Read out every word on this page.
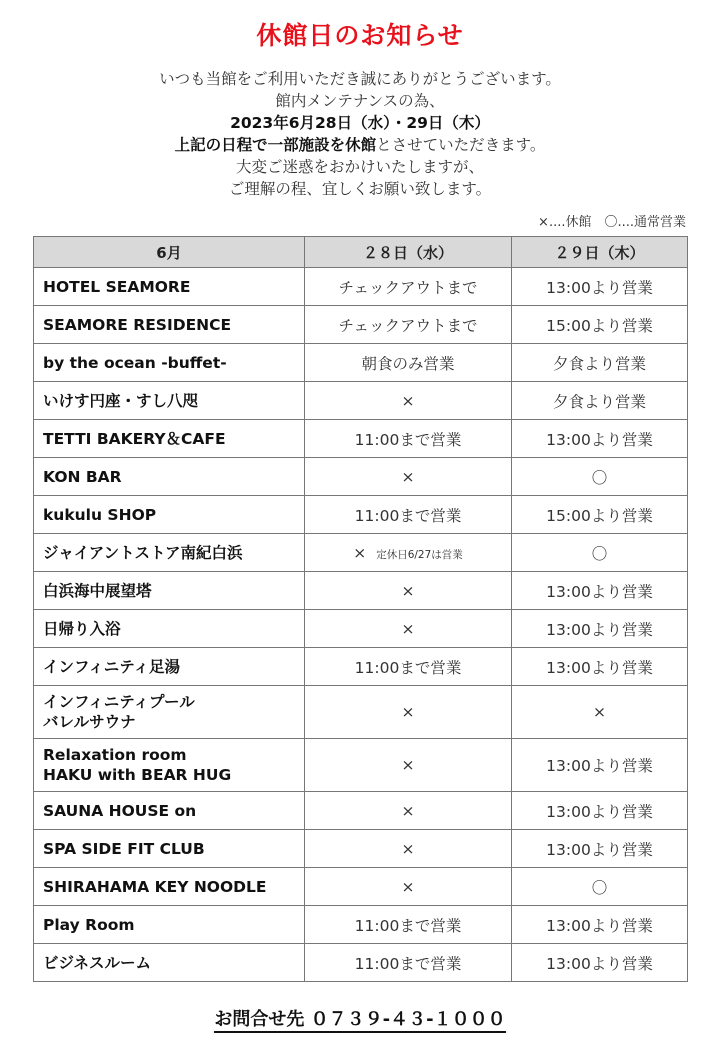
休館日のお知らせ
いつも当館をご利用いただき誠にありがとうございます。
館内メンテナンスの為、
2023年6月28日（水）・29日（木）
上記の日程で一部施設を休館とさせていただきます。
大変ご迷惑をおかけいたしますが、
ご理解の程、宜しくお願い致します。
×....休館　〇....通常営業
6月	２８日（水）	２９日（木）
HOTEL SEAMORE	チェックアウトまで	13:00より営業
SEAMORE RESIDENCE	チェックアウトまで	15:00より営業
by the ocean -buffet-	朝食のみ営業	夕食より営業
いけす円座・すし八咫	×	夕食より営業
TETTI BAKERY＆CAFE	11:00まで営業	13:00より営業
KON BAR	×	〇
kukulu SHOP	11:00まで営業	15:00より営業
ジャイアントストア南紀白浜	× 定休日6/27は営業	〇
白浜海中展望塔	×	13:00より営業
日帰り入浴	×	13:00より営業
インフィニティ足湯	11:00まで営業	13:00より営業
インフィニティプール
バレルサウナ	×	×
Relaxation room
HAKU with BEAR HUG	×	13:00より営業
SAUNA HOUSE on	×	13:00より営業
SPA SIDE FIT CLUB	×	13:00より営業
SHIRAHAMA KEY NOODLE	×	〇
Play Room	11:00まで営業	13:00より営業
ビジネスルーム	11:00まで営業	13:00より営業
お問合せ先 ０７３９-４３-１０００
